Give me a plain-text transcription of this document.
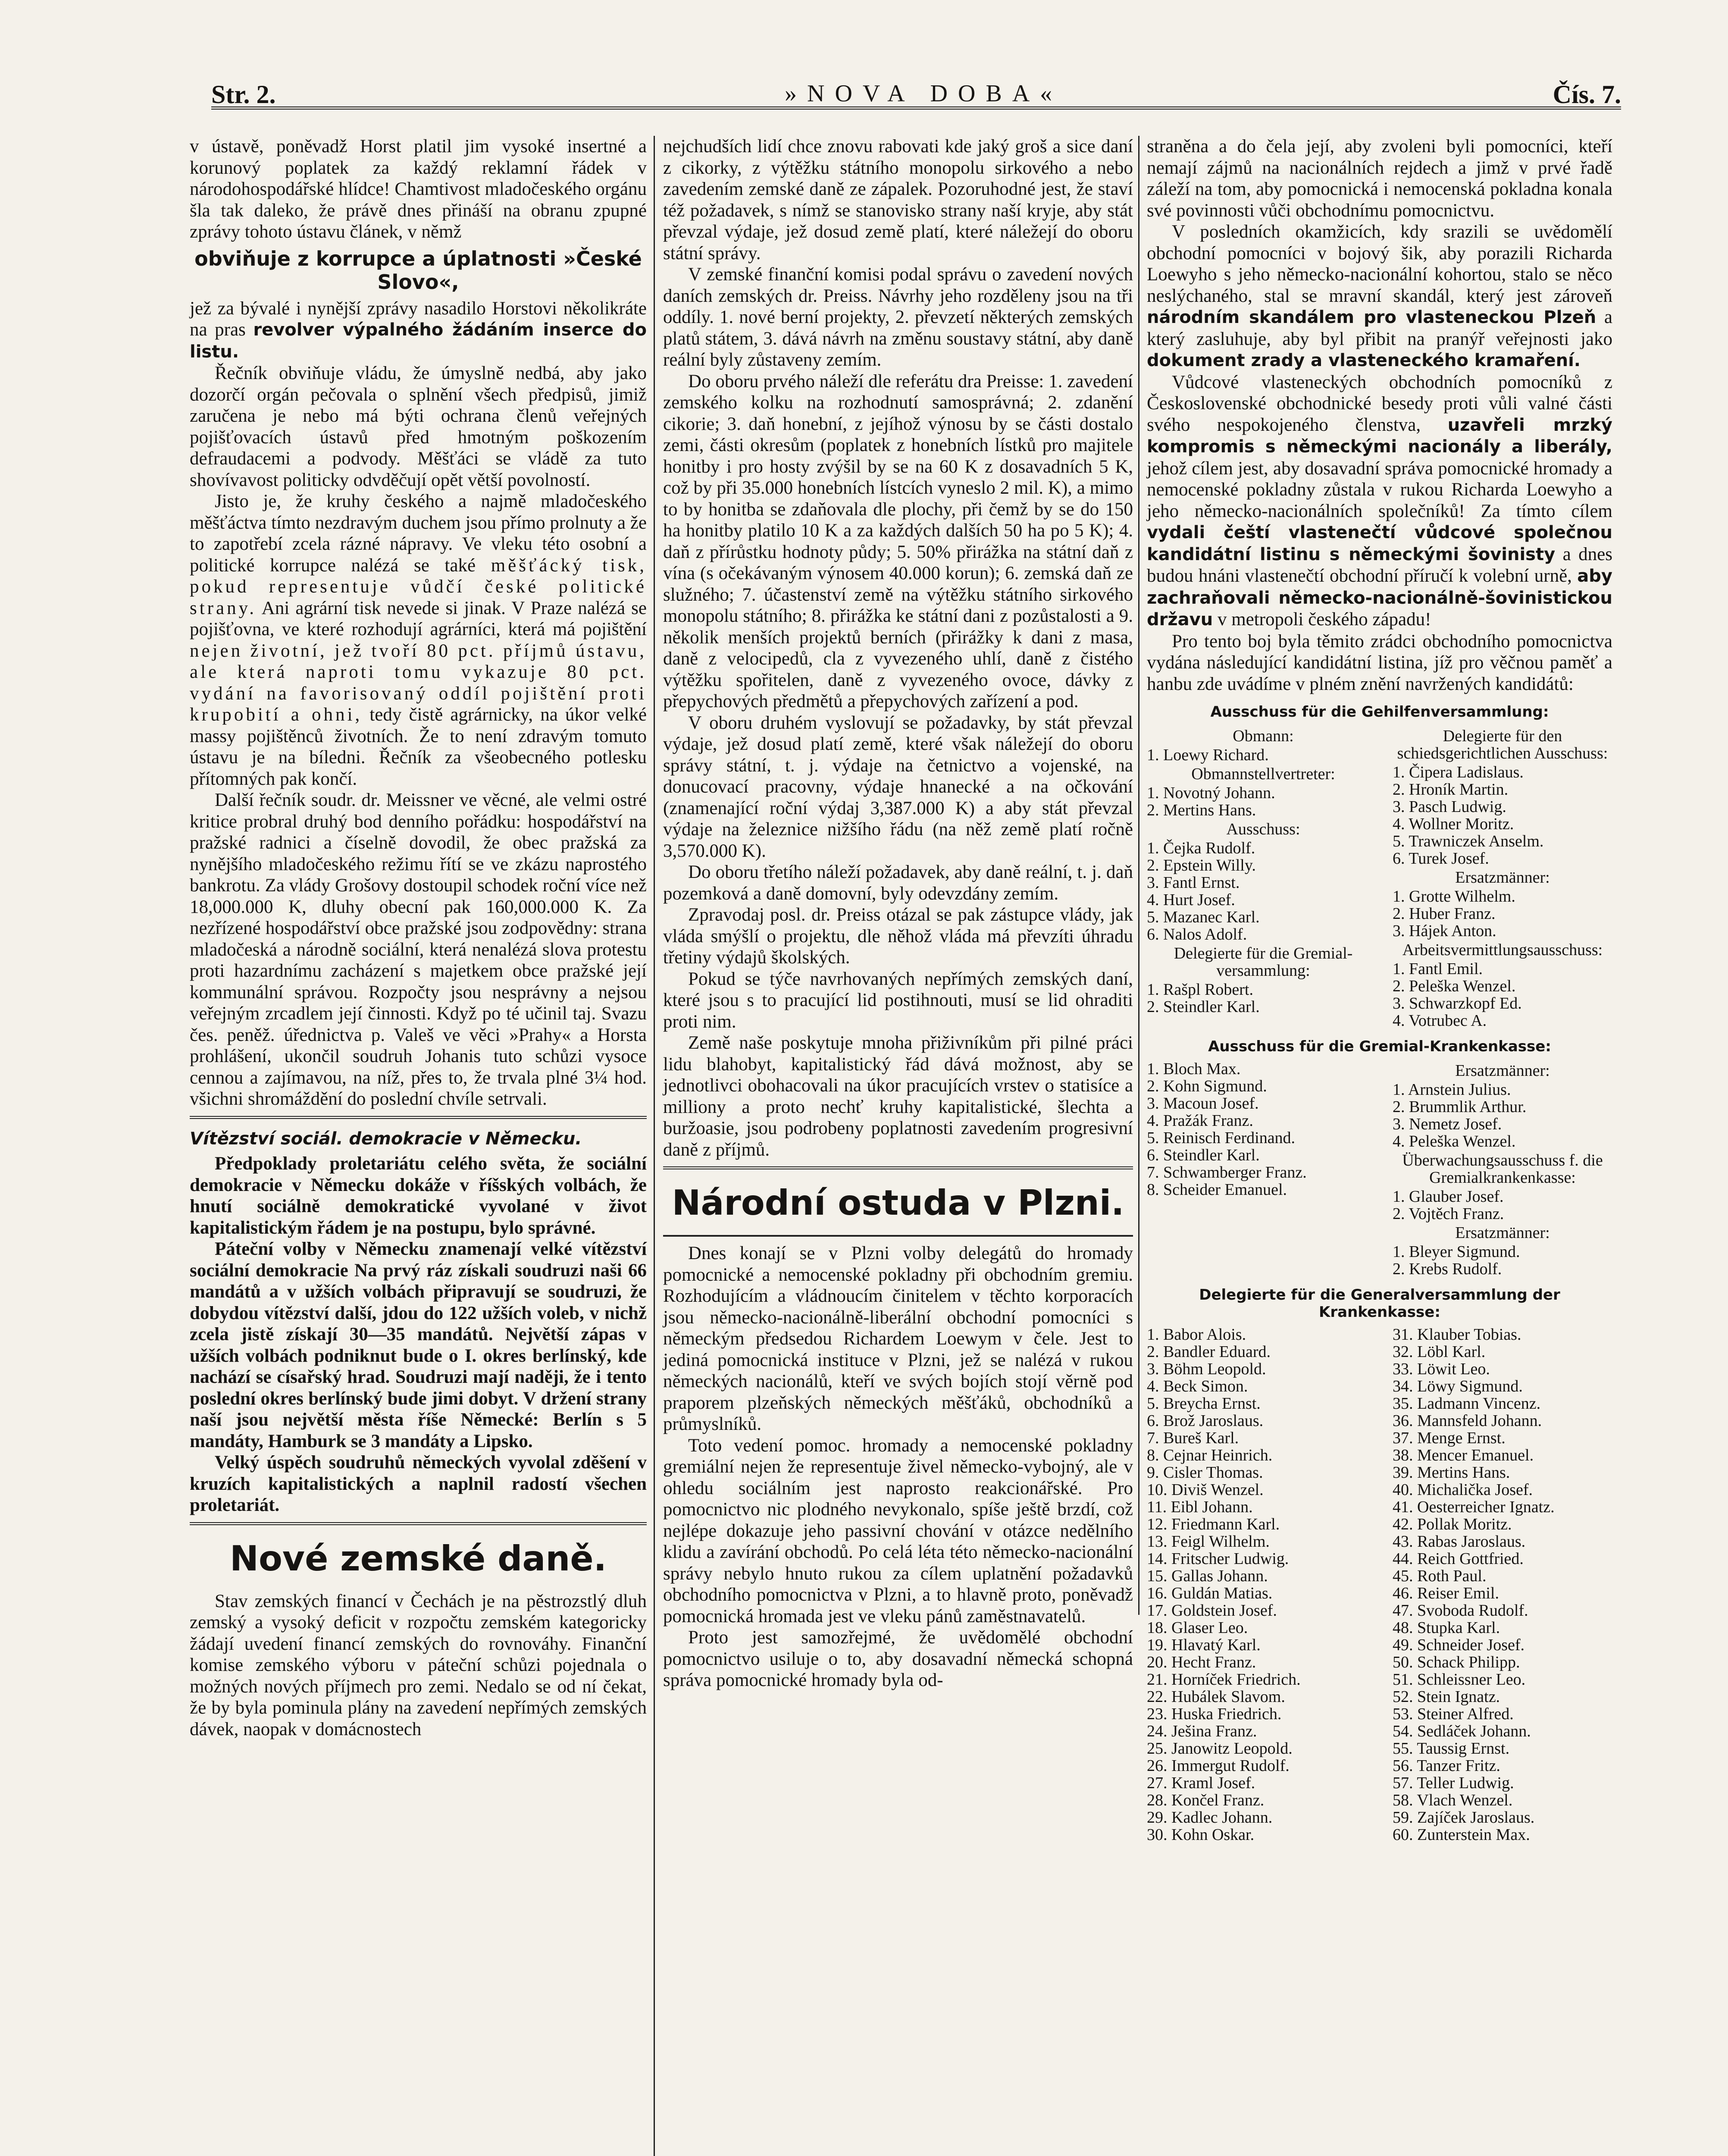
Str. 2.	»NOVA DOBA«	Čís. 7.

v ústavě, poněvadž Horst platil jim vysoké insertné a korunový poplatek za každý reklamní řádek v národohospodářské hlídce! Chamtivost mladočeského orgánu šla tak daleko, že právě dnes přináší na obranu zpupné zprávy tohoto ústavu článek, v němž

obviňuje z korrupce a úplatnosti »České Slovo«,

jež za bývalé i nynější zprávy nasadilo Horstovi několikráte na pras revolver výpalného žádáním inserce do listu.

Řečník obviňuje vládu, že úmyslně nedbá, aby jako dozorčí orgán pečovala o splnění všech předpisů, jimiž zaručena je nebo má býti ochrana členů veřejných pojišťovacích ústavů před hmotným poškozením defraudacemi a podvody. Měšťáci se vládě za tuto shovívavost politicky odvděčují opět větší povolností.

Jisto je, že kruhy českého a najmě mladočeského měšťáctva tímto nezdravým duchem jsou přímo prolnuty a že to zapotřebí zcela rázné nápravy. Ve vleku této osobní a politické korrupce nalézá se také měšťácký tisk, pokud representuje vůdčí české politické strany. Ani agrární tisk nevede si jinak. V Praze nalézá se pojišťovna, ve které rozhodují agrárníci, která má pojištění nejen životní, jež tvoří 80 pct. příjmů ústavu, ale která naproti tomu vykazuje 80 pct. vydání na favorisovaný oddíl pojištění proti krupobití a ohni, tedy čistě agrárnicky, na úkor velké massy pojištěnců životních. Že to není zdravým tomuto ústavu je na bíledni. Řečník za všeobecného potlesku přítomných pak končí.

Další řečník soudr. dr. Meissner ve věcné, ale velmi ostré kritice probral druhý bod denního pořádku: hospodářství na pražské radnici a číselně dovodil, že obec pražská za nynějšího mladočeského režimu řítí se ve zkázu naprostého bankrotu. Za vlády Grošovy dostoupil schodek roční více než 18,000.000 K, dluhy obecní pak 160,000.000 K. Za nezřízené hospodářství obce pražské jsou zodpovědny: strana mladočeská a národně sociální, která nenalézá slova protestu proti hazardnímu zacházení s majetkem obce pražské její kommunální správou. Rozpočty jsou nesprávny a nejsou veřejným zrcadlem její činnosti. Když po té učinil taj. Svazu čes. peněž. úřednictva p. Valeš ve věci »Prahy« a Horsta prohlášení, ukončil soudruh Johanis tuto schůzi vysoce cennou a zajímavou, na níž, přes to, že trvala plné 3¼ hod. všichni shromáždění do poslední chvíle setrvali.

Vítězství sociál. demokracie v Německu.

Předpoklady proletariátu celého světa, že sociální demokracie v Německu dokáže v říšských volbách, že hnutí sociálně demokratické vyvolané v život kapitalistickým řádem je na postupu, bylo správné.

Páteční volby v Německu znamenají velké vítězství sociální demokracie Na prvý ráz získali soudruzi naši 66 mandátů a v užších volbách připravují se soudruzi, že dobydou vítězství další, jdou do 122 užších voleb, v nichž zcela jistě získají 30—35 mandátů. Největší zápas v užších volbách podniknut bude o I. okres berlínský, kde nachází se císařský hrad. Soudruzi mají naději, že i tento poslední okres berlínský bude jimi dobyt. V držení strany naší jsou největší města říše Německé: Berlín s 5 mandáty, Hamburk se 3 mandáty a Lipsko.

Velký úspěch soudruhů německých vyvolal zděšení v kruzích kapitalistických a naplnil radostí všechen proletariát.

Nové zemské daně.

Stav zemských financí v Čechách je na pěstrozstlý dluh zemský a vysoký deficit v rozpočtu zemském kategoricky žádají uvedení financí zemských do rovnováhy. Finanční komise zemského výboru v páteční schůzi pojednala o možných nových příjmech pro zemi. Nedalo se od ní čekat, že by byla pominula plány na zavedení nepřímých zemských dávek, naopak v domácnostech

nejchudších lidí chce znovu rabovati kde jaký groš a sice daní z cikorky, z výtěžku státního monopolu sirkového a nebo zavedením zemské daně ze zápalek. Pozoruhodné jest, že staví též požadavek, s nímž se stanovisko strany naší kryje, aby stát převzal výdaje, jež dosud země platí, které náležejí do oboru státní správy.

V zemské finanční komisi podal správu o zavedení nových daních zemských dr. Preiss. Návrhy jeho rozděleny jsou na tři oddíly. 1. nové berní projekty, 2. převzetí některých zemských platů státem, 3. dává návrh na změnu soustavy státní, aby daně reální byly zůstaveny zemím.

Do oboru prvého náleží dle referátu dra Preisse: 1. zavedení zemského kolku na rozhodnutí samosprávná; 2. zdanění cikorie; 3. daň honební, z jejíhož výnosu by se části dostalo zemi, části okresům (poplatek z honebních lístků pro majitele honitby i pro hosty zvýšil by se na 60 K z dosavadních 5 K, což by při 35.000 honebních lístcích vyneslo 2 mil. K), a mimo to by honitba se zdaňovala dle plochy, při čemž by se do 150 ha honitby platilo 10 K a za každých dalších 50 ha po 5 K); 4. daň z přírůstku hodnoty půdy; 5. 50% přirážka na státní daň z vína (s očekávaným výnosem 40.000 korun); 6. zemská daň ze služného; 7. účastenství země na výtěžku státního sirkového monopolu státního; 8. přirážka ke státní dani z pozůstalosti a 9. několik menších projektů berních (přirážky k dani z masa, daně z velocipedů, cla z vyvezeného uhlí, daně z čistého výtěžku spořitelen, daně z vyvezeného ovoce, dávky z přepychových předmětů a přepychových zařízení a pod.

V oboru druhém vyslovují se požadavky, by stát převzal výdaje, jež dosud platí země, které však náležejí do oboru správy státní, t. j. výdaje na četnictvo a vojenské, na donucovací pracovny, výdaje hnanecké a na očkování (znamenající roční výdaj 3,387.000 K) a aby stát převzal výdaje na železnice nižšího řádu (na něž země platí ročně 3,570.000 K).

Do oboru třetího náleží požadavek, aby daně reální, t. j. daň pozemková a daně domovní, byly odevzdány zemím.

Zpravodaj posl. dr. Preiss otázal se pak zástupce vlády, jak vláda smýšlí o projektu, dle něhož vláda má převzíti úhradu třetiny výdajů školských.

Pokud se týče navrhovaných nepřímých zemských daní, které jsou s to pracující lid postihnouti, musí se lid ohraditi proti nim.

Země naše poskytuje mnoha přiživníkům při pilné práci lidu blahobyt, kapitalistický řád dává možnost, aby se jednotlivci obohacovali na úkor pracujících vrstev o statisíce a milliony a proto nechť kruhy kapitalistické, šlechta a buržoasie, jsou podrobeny poplatnosti zavedením progresivní daně z příjmů.

Národní ostuda v Plzni.

Dnes konají se v Plzni volby delegátů do hromady pomocnické a nemocenské pokladny při obchodním gremiu. Rozhodujícím a vládnoucím činitelem v těchto korporacích jsou německo-nacionálně-liberální obchodní pomocníci s německým předsedou Richardem Loewym v čele. Jest to jediná pomocnická instituce v Plzni, jež se nalézá v rukou německých nacionálů, kteří ve svých bojích stojí věrně pod praporem plzeňských německých měšťáků, obchodníků a průmyslníků.

Toto vedení pomoc. hromady a nemocenské pokladny gremiální nejen že representuje živel německo-vybojný, ale v ohledu sociálním jest naprosto reakcionářské. Pro pomocnictvo nic plodného nevykonalo, spíše ještě brzdí, což nejlépe dokazuje jeho passivní chování v otázce nedělního klidu a zavírání obchodů. Po celá léta této německo-nacionální správy nebylo hnuto rukou za cílem uplatnění požadavků obchodního pomocnictva v Plzni, a to hlavně proto, poněvadž pomocnická hromada jest ve vleku pánů zaměstnavatelů.

Proto jest samozřejmé, že uvědomělé obchodní pomocnictvo usiluje o to, aby dosavadní německá schopná správa pomocnické hromady byla od-

straněna a do čela její, aby zvoleni byli pomocníci, kteří nemají zájmů na nacionálních rejdech a jimž v prvé řadě záleží na tom, aby pomocnická i nemocenská pokladna konala své povinnosti vůči obchodnímu pomocnictvu.

V posledních okamžicích, kdy srazili se uvědomělí obchodní pomocníci v bojový šik, aby porazili Richarda Loewyho s jeho německo-nacionální kohortou, stalo se něco neslýchaného, stal se mravní skandál, který jest zároveň národním skandálem pro vlasteneckou Plzeň a který zasluhuje, aby byl přibit na pranýř veřejnosti jako dokument zrady a vlasteneckého kramaření.

Vůdcové vlasteneckých obchodních pomocníků z Československé obchodnické besedy proti vůli valné části svého nespokojeného členstva, uzavřeli mrzký kompromis s německými nacionály a liberály, jehož cílem jest, aby dosavadní správa pomocnické hromady a nemocenské pokladny zůstala v rukou Richarda Loewyho a jeho německo-nacionálních společníků! Za tímto cílem vydali čeští vlastenečtí vůdcové společnou kandidátní listinu s německými šovinisty a dnes budou hnáni vlastenečtí obchodní příručí k volební urně, aby zachraňovali německo-nacionálně-šovinistickou državu v metropoli českého západu!

Pro tento boj byla těmito zrádci obchodního pomocnictva vydána následující kandidátní listina, jíž pro věčnou paměť a hanbu zde uvádíme v plném znění navržených kandidátů:

Ausschuss für die Gehilfenversammlung:
Obmann:
1. Loewy Richard.
Obmannstellvertreter:
1. Novotný Johann.
2. Mertins Hans.
Ausschuss:
1. Čejka Rudolf.
2. Epstein Willy.
3. Fantl Ernst.
4. Hurt Josef.
5. Mazanec Karl.
6. Nalos Adolf.
Delegierte für die Gremial-versammlung:
1. Rašpl Robert.
2. Steindler Karl.

Delegierte für den schiedsgerichtlichen Ausschuss:
1. Čipera Ladislaus.
2. Hroník Martin.
3. Pasch Ludwig.
4. Wollner Moritz.
5. Trawniczek Anselm.
6. Turek Josef.
Ersatzmänner:
1. Grotte Wilhelm.
2. Huber Franz.
3. Hájek Anton.
Arbeitsvermittlungsausschuss:
1. Fantl Emil.
2. Peleška Wenzel.
3. Schwarzkopf Ed.
4. Votrubec A.
Ausschuss für die Gremial-Krankenkasse:
1. Bloch Max.
2. Kohn Sigmund.
3. Macoun Josef.
4. Pražák Franz.
5. Reinisch Ferdinand.
6. Steindler Karl.
7. Schwamberger Franz.
8. Scheider Emanuel.

Ersatzmänner:
1. Arnstein Julius.
2. Brummlik Arthur.
3. Nemetz Josef.
4. Peleška Wenzel.
Überwachungsausschuss f. die Gremialkrankenkasse:
1. Glauber Josef.
2. Vojtěch Franz.
Ersatzmänner:
1. Bleyer Sigmund.
2. Krebs Rudolf.
Delegierte für die Generalversammlung der Krankenkasse:
1. Babor Alois.
2. Bandler Eduard.
3. Böhm Leopold.
4. Beck Simon.
5. Breycha Ernst.
6. Brož Jaroslaus.
7. Bureš Karl.
8. Cejnar Heinrich.
9. Cisler Thomas.
10. Diviš Wenzel.
11. Eibl Johann.
12. Friedmann Karl.
13. Feigl Wilhelm.
14. Fritscher Ludwig.
15. Gallas Johann.
16. Guldán Matias.
17. Goldstein Josef.
18. Glaser Leo.
19. Hlavatý Karl.
20. Hecht Franz.
21. Horníček Friedrich.
22. Hubálek Slavom.
23. Huska Friedrich.
24. Ješina Franz.
25. Janowitz Leopold.
26. Immergut Rudolf.
27. Kraml Josef.
28. Končel Franz.
29. Kadlec Johann.
30. Kohn Oskar.

31. Klauber Tobias.
32. Löbl Karl.
33. Löwit Leo.
34. Löwy Sigmund.
35. Ladmann Vincenz.
36. Mannsfeld Johann.
37. Menge Ernst.
38. Mencer Emanuel.
39. Mertins Hans.
40. Michalička Josef.
41. Oesterreicher Ignatz.
42. Pollak Moritz.
43. Rabas Jaroslaus.
44. Reich Gottfried.
45. Roth Paul.
46. Reiser Emil.
47. Svoboda Rudolf.
48. Stupka Karl.
49. Schneider Josef.
50. Schack Philipp.
51. Schleissner Leo.
52. Stein Ignatz.
53. Steiner Alfred.
54. Sedláček Johann.
55. Taussig Ernst.
56. Tanzer Fritz.
57. Teller Ludwig.
58. Vlach Wenzel.
59. Zajíček Jaroslaus.
60. Zunterstein Max.
